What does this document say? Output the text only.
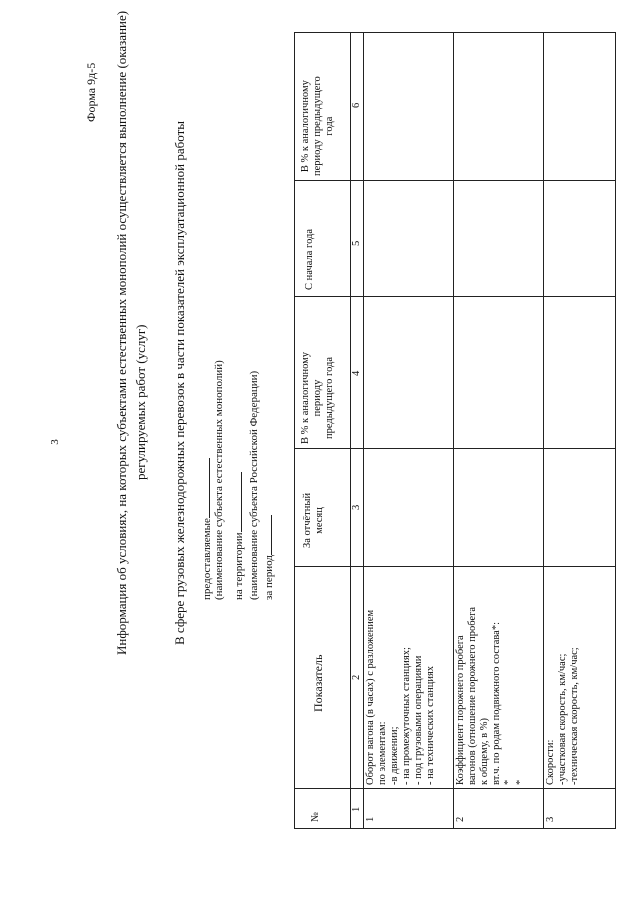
3
Форма 9д-5 Информация об условиях, на которых субъектами естественных монополий осуществляется выполнение (оказание) регулируемых работ (услуг) В сфере грузовых железнодорожных перевозок в части показателей эксплуатационной работы предоставляемые (наименование субъекта естественных монополий) на территории (наименование субъекта Российской Федерации) за период
№
Показатель
За отчётный месяц
В % к аналогичному периоду предыдущего года
С начала года
В % к аналогичному периоду предыдущего года
1
2
3
4
5
6
1
Оборот вагона (в часах) с разложением по элементам: -в движении; - на промежуточных станциях; - под грузовыми операциями - на технических станциях
2
Коэффициент порожнего пробега вагонов (отношение порожнего пробега к общему, в %) вт.ч. по родам подвижного состава*: * *
3
Скорости: -участковая скорость, км/час; -техническая скорость, км/час;
